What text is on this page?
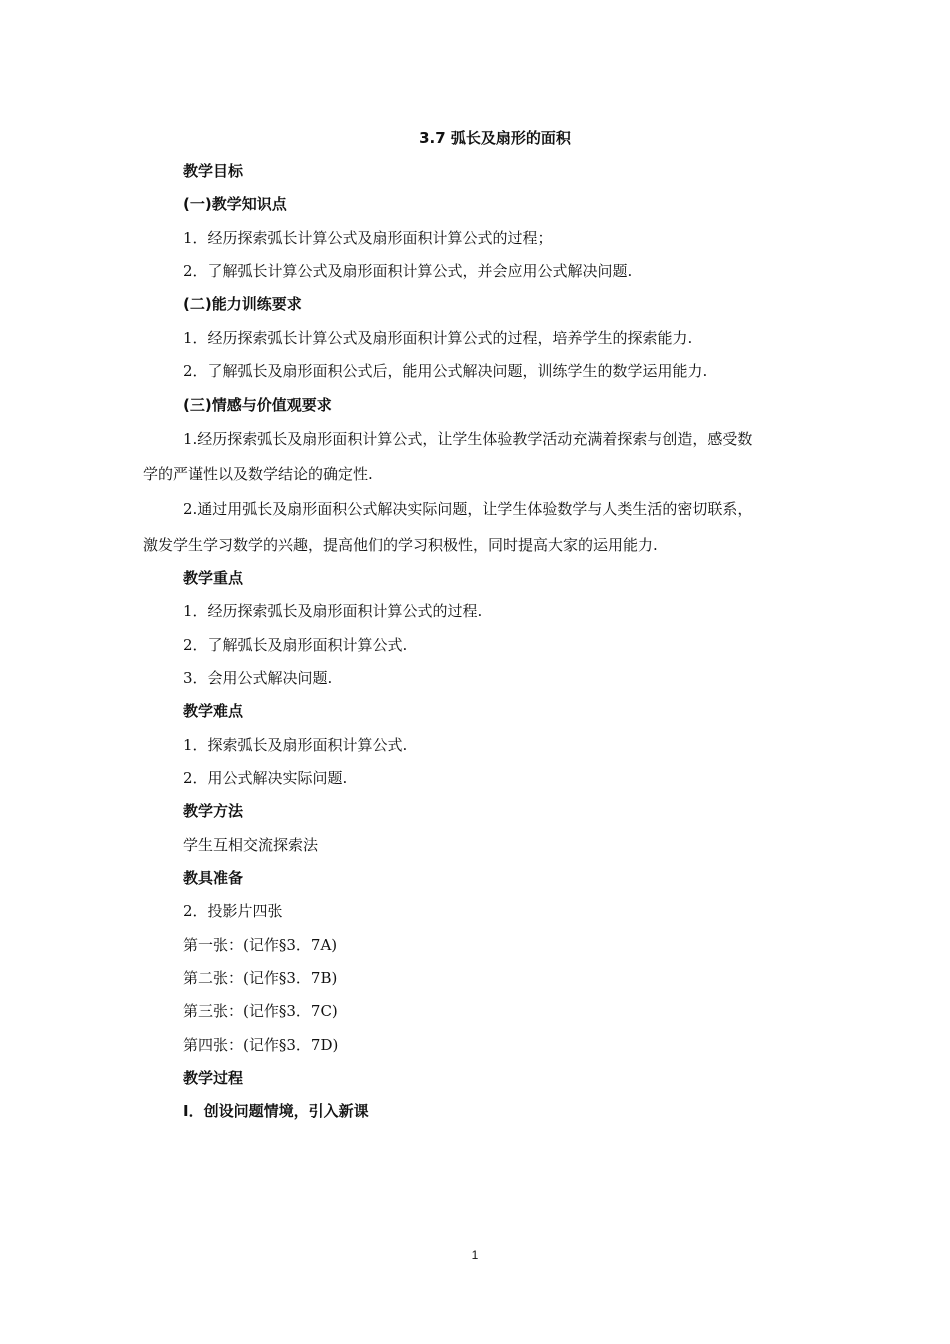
3.7 弧长及扇形的面积

教学目标

(一)教学知识点

1．经历探索弧长计算公式及扇形面积计算公式的过程；

2．了解弧长计算公式及扇形面积计算公式，并会应用公式解决问题.

(二)能力训练要求

1．经历探索弧长计算公式及扇形面积计算公式的过程，培养学生的探索能力.

2．了解弧长及扇形面积公式后，能用公式解决问题，训练学生的数学运用能力.

(三)情感与价值观要求

1.经历探索弧长及扇形面积计算公式，让学生体验教学活动充满着探索与创造，感受数

学的严谨性以及数学结论的确定性.

2.通过用弧长及扇形面积公式解决实际问题，让学生体验数学与人类生活的密切联系，

激发学生学习数学的兴趣，提高他们的学习积极性，同时提高大家的运用能力.

教学重点

1．经历探索弧长及扇形面积计算公式的过程.

2．了解弧长及扇形面积计算公式.

3．会用公式解决问题.

教学难点

1．探索弧长及扇形面积计算公式.

2．用公式解决实际问题.

教学方法

学生互相交流探索法

教具准备

2．投影片四张

第一张：(记作§3．7A)

第二张：(记作§3．7B)

第三张：(记作§3．7C)

第四张：(记作§3．7D)

教学过程

Ⅰ．创设问题情境，引入新课

1
